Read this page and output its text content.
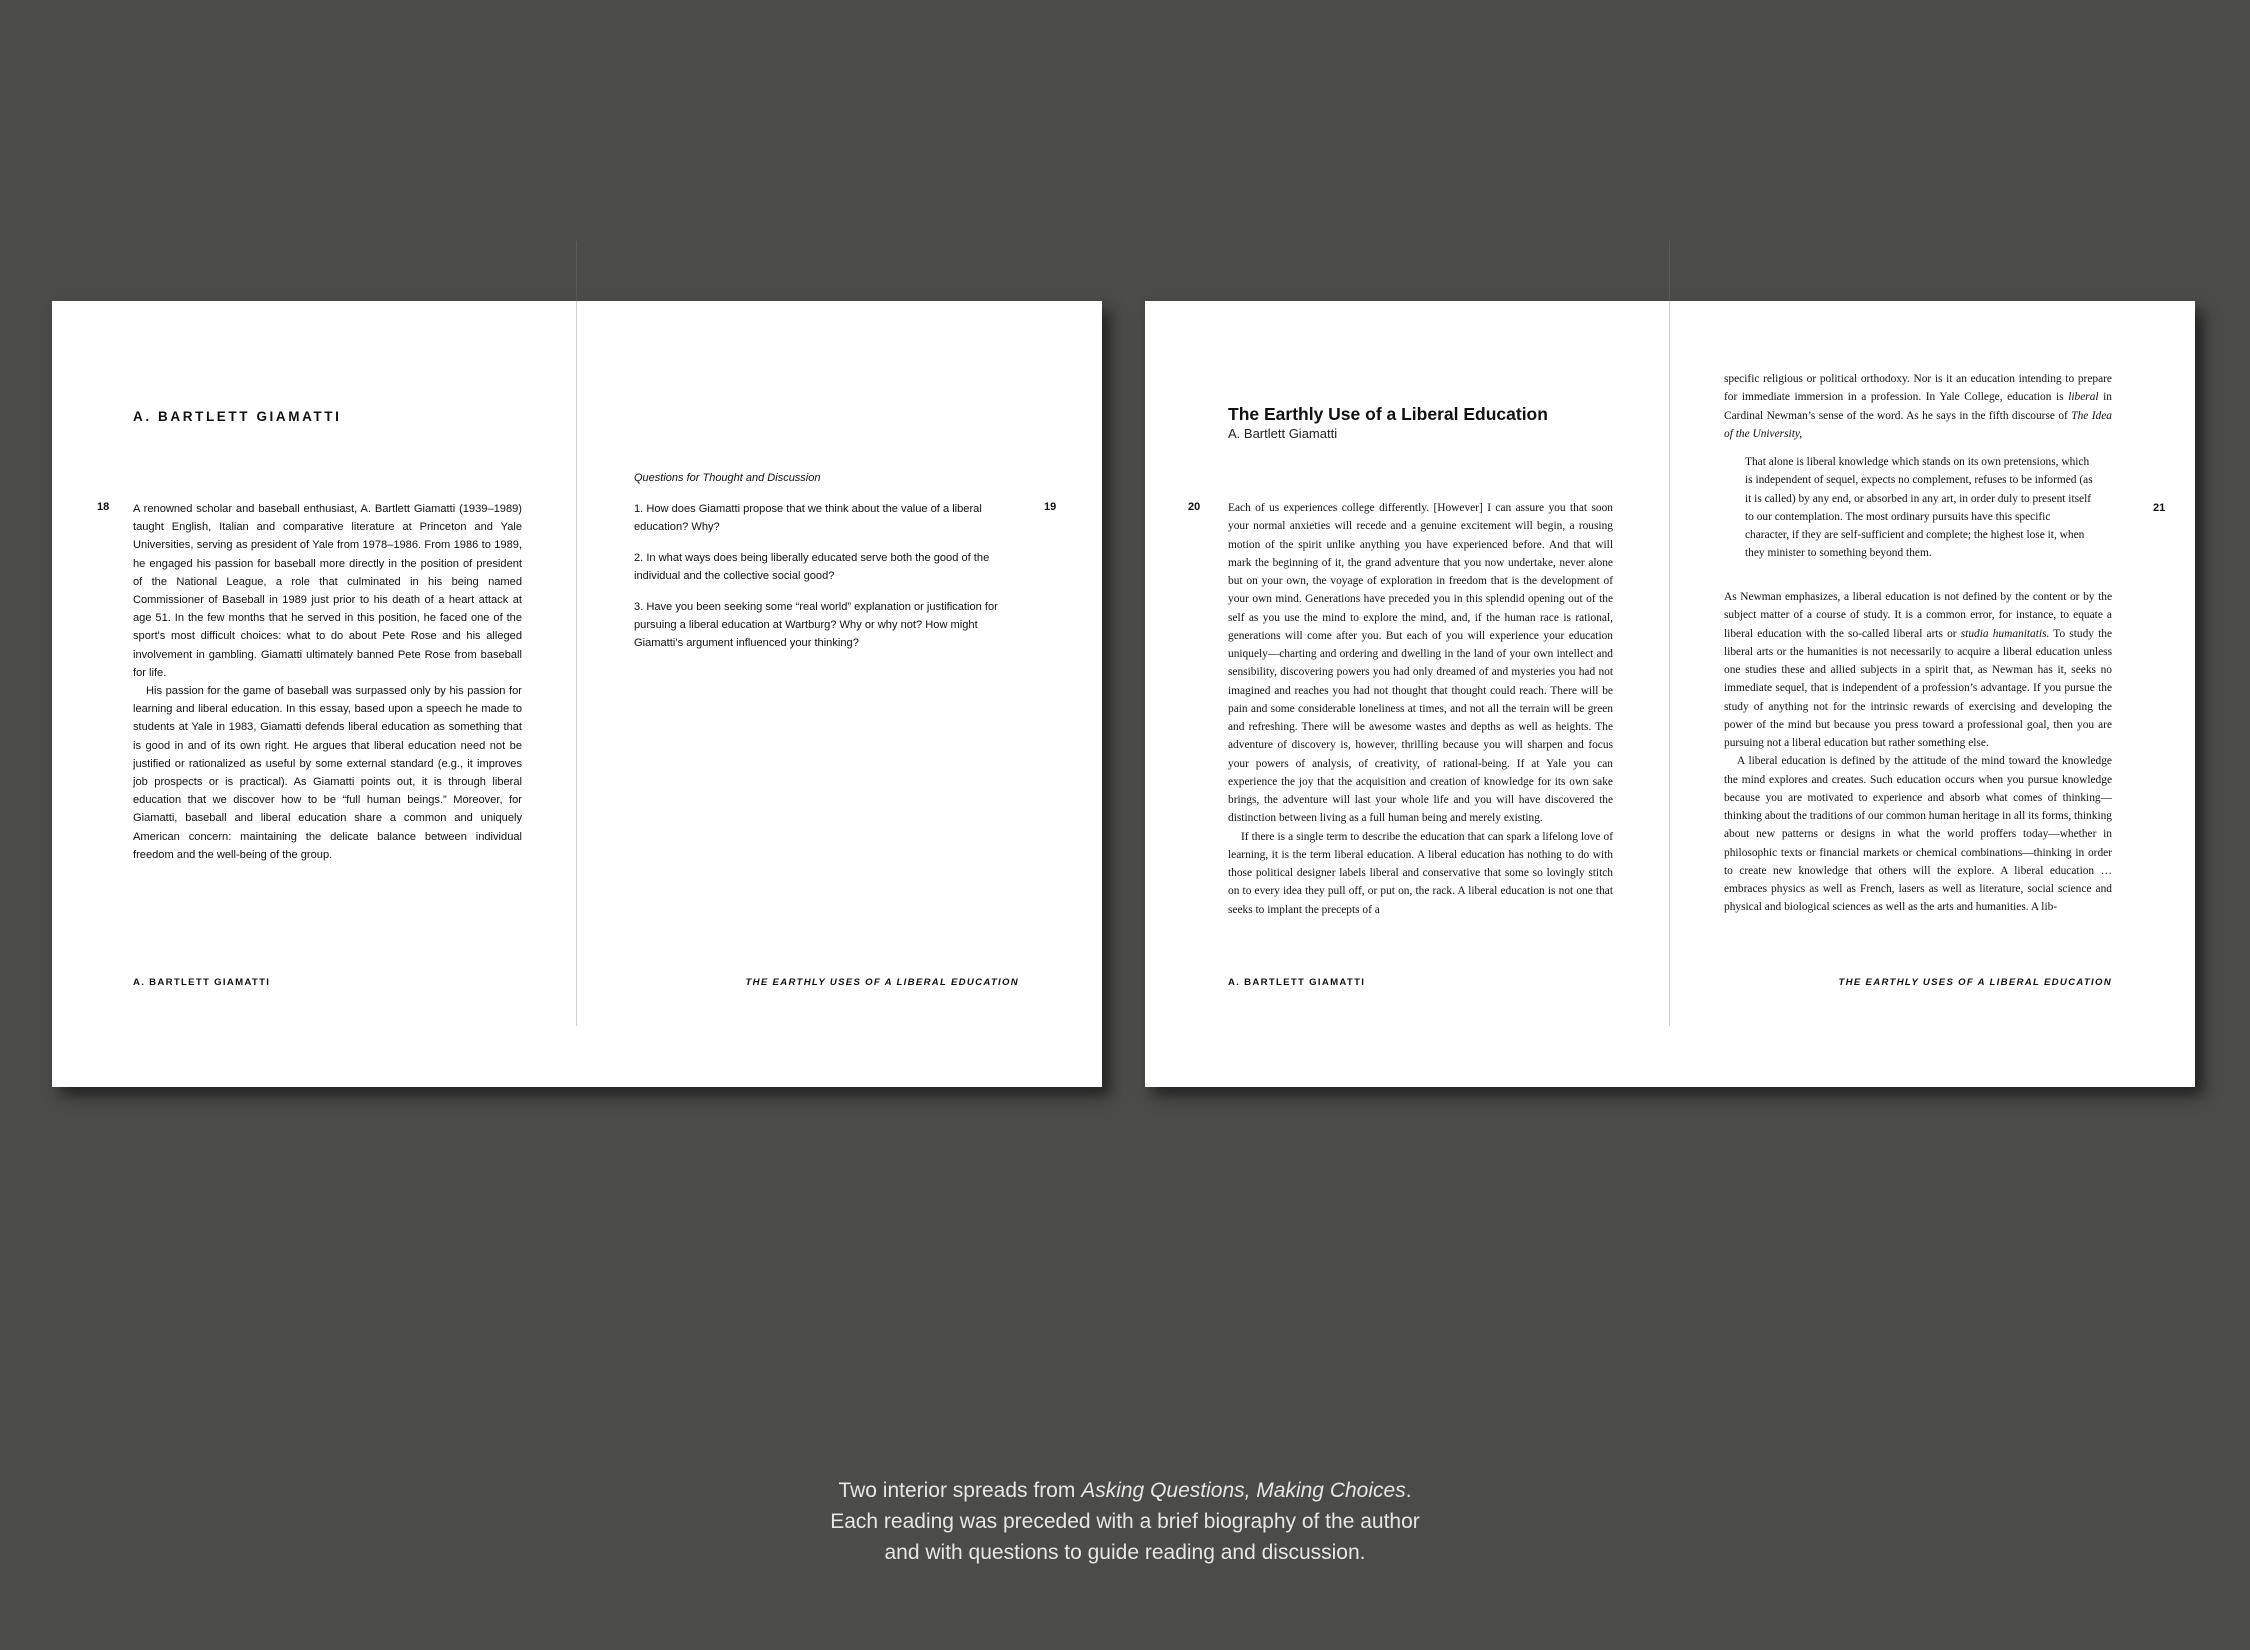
A. BARTLETT GIAMATTI
18 A renowned scholar and baseball enthusiast, A. Bartlett Giamatti (1939–1989) taught English, Italian and comparative literature at Princeton and Yale Universities, serving as president of Yale from 1978–1986. From 1986 to 1989, he engaged his passion for baseball more directly in the position of president of the National League, a role that culminated in his being named Commissioner of Baseball in 1989 just prior to his death of a heart attack at age 51. In the few months that he served in this position, he faced one of the sport's most difficult choices: what to do about Pete Rose and his alleged involvement in gambling. Giamatti ultimately banned Pete Rose from baseball for life.

His passion for the game of baseball was surpassed only by his passion for learning and liberal education. In this essay, based upon a speech he made to students at Yale in 1983, Giamatti defends liberal education as something that is good in and of its own right. He argues that liberal education need not be justified or rationalized as useful by some external standard (e.g., it improves job prospects or is practical). As Giamatti points out, it is through liberal education that we discover how to be “full human beings.” Moreover, for Giamatti, baseball and liberal education share a common and uniquely American concern: maintaining the delicate balance between individual freedom and the well-being of the group.

A. BARTLETT GIAMATTI
Questions for Thought and Discussion
19

1. How does Giamatti propose that we think about the value of a liberal education? Why?

2. In what ways does being liberally educated serve both the good of the individual and the collective social good?

3. Have you been seeking some “real world” explanation or justification for pursuing a liberal education at Wartburg? Why or why not? How might Giamatti’s argument influenced your thinking?

THE EARTHLY USES OF A LIBERAL EDUCATION
The Earthly Use of a Liberal Education
A. Bartlett Giamatti
20 Each of us experiences college differently. [However] I can assure you that soon your normal anxieties will recede and a genuine excitement will begin, a rousing motion of the spirit unlike anything you have experienced before. And that will mark the beginning of it, the grand adventure that you now undertake, never alone but on your own, the voyage of exploration in freedom that is the development of your own mind. Generations have preceded you in this splendid opening out of the self as you use the mind to explore the mind, and, if the human race is rational, generations will come after you. But each of you will experience your education uniquely—charting and ordering and dwelling in the land of your own intellect and sensibility, discovering powers you had only dreamed of and mysteries you had not imagined and reaches you had not thought that thought could reach. There will be pain and some considerable loneliness at times, and not all the terrain will be green and refreshing. There will be awesome wastes and depths as well as heights. The adventure of discovery is, however, thrilling because you will sharpen and focus your powers of analysis, of creativity, of rational-being. If at Yale you can experience the joy that the acquisition and creation of knowledge for its own sake brings, the adventure will last your whole life and you will have discovered the distinction between living as a full human being and merely existing.

If there is a single term to describe the education that can spark a lifelong love of learning, it is the term liberal education. A liberal education has nothing to do with those political designer labels liberal and conservative that some so lovingly stitch on to every idea they pull off, or put on, the rack. A liberal education is not one that seeks to implant the precepts of a

A. BARTLETT GIAMATTI

specific religious or political orthodoxy. Nor is it an education intending to prepare for immediate immersion in a profession. In Yale College, education is liberal in Cardinal Newman’s sense of the word. As he says in the fifth discourse of The Idea of the University,

That alone is liberal knowledge which stands on its own pretensions, which is independent of sequel, expects no complement, refuses to be informed (as it is called) by any end, or absorbed in any art, in order duly to present itself to our contemplation. The most ordinary pursuits have this specific character, if they are self-sufficient and complete; the highest lose it, when they minister to something beyond them.
21

As Newman emphasizes, a liberal education is not defined by the content or by the subject matter of a course of study. It is a common error, for instance, to equate a liberal education with the so-called liberal arts or studia humanitatis. To study the liberal arts or the humanities is not necessarily to acquire a liberal education unless one studies these and allied subjects in a spirit that, as Newman has it, seeks no immediate sequel, that is independent of a profession’s advantage. If you pursue the study of anything not for the intrinsic rewards of exercising and developing the power of the mind but because you press toward a professional goal, then you are pursuing not a liberal education but rather something else.

A liberal education is defined by the attitude of the mind toward the knowledge the mind explores and creates. Such education occurs when you pursue knowledge because you are motivated to experience and absorb what comes of thinking—thinking about the traditions of our common human heritage in all its forms, thinking about new patterns or designs in what the world proffers today—whether in philosophic texts or financial markets or chemical combinations—thinking in order to create new knowledge that others will the explore. A liberal education … embraces physics as well as French, lasers as well as literature, social science and physical and biological sciences as well as the arts and humanities. A lib-

THE EARTHLY USES OF A LIBERAL EDUCATION
Two interior spreads from Asking Questions, Making Choices.
Each reading was preceded with a brief biography of the author
and with questions to guide reading and discussion.
